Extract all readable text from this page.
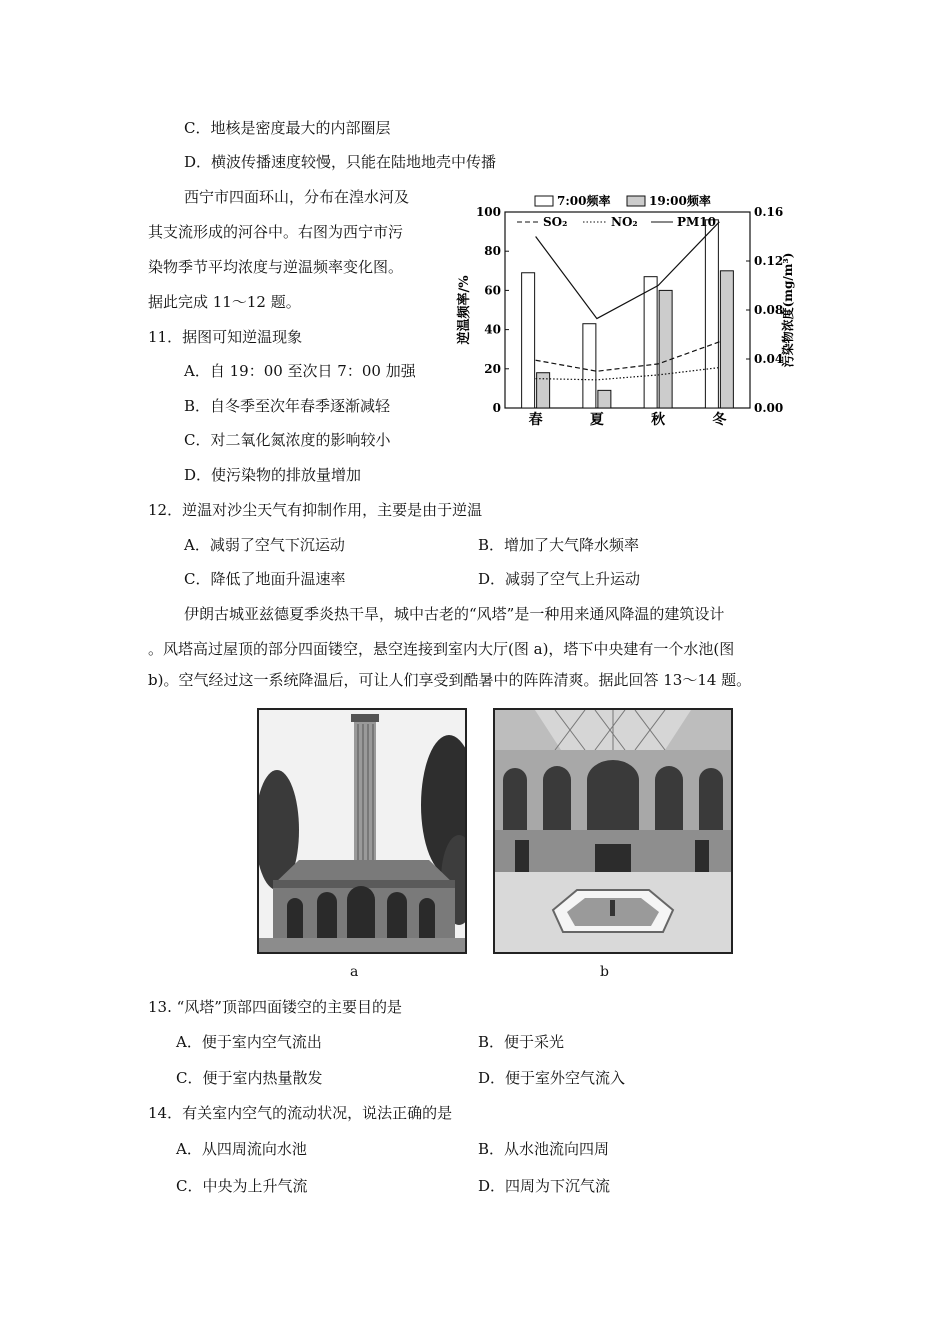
C．地核是密度最大的内部圈层
D．横波传播速度较慢，只能在陆地地壳中传播
西宁市四面环山，分布在湟水河及
其支流形成的河谷中。右图为西宁市污
染物季节平均浓度与逆温频率变化图。
据此完成 11～12 题。
11．据图可知逆温现象
A．自 19：00 至次日 7：00 加强
B．自冬季至次年春季逐渐减轻
C．对二氧化氮浓度的影响较小
D．使污染物的排放量增加
0
20
40
60
80
100
0.00
0.04
0.08
0.12
0.16
逆温频率/%	污染物浓度(mg/m³)
春	夏	秋	冬
7:00频率	19:00频率
SO₂	NO₂	PM10
12．逆温对沙尘天气有抑制作用，主要是由于逆温
A．减弱了空气下沉运动	B．增加了大气降水频率
C．降低了地面升温速率	D．减弱了空气上升运动
伊朗古城亚兹德夏季炎热干旱，城中古老的“风塔”是一种用来通风降温的建筑设计
。风塔高过屋顶的部分四面镂空，悬空连接到室内大厅(图 a)，塔下中央建有一个水池(图
b)。空气经过这一系统降温后，可让人们享受到酷暑中的阵阵清爽。据此回答 13～14 题。
a	b
13. “风塔”顶部四面镂空的主要目的是
A．便于室内空气流出	B．便于采光
C．便于室内热量散发	D．便于室外空气流入
14．有关室内空气的流动状况，说法正确的是
A．从四周流向水池	B．从水池流向四周
C．中央为上升气流	D．四周为下沉气流
